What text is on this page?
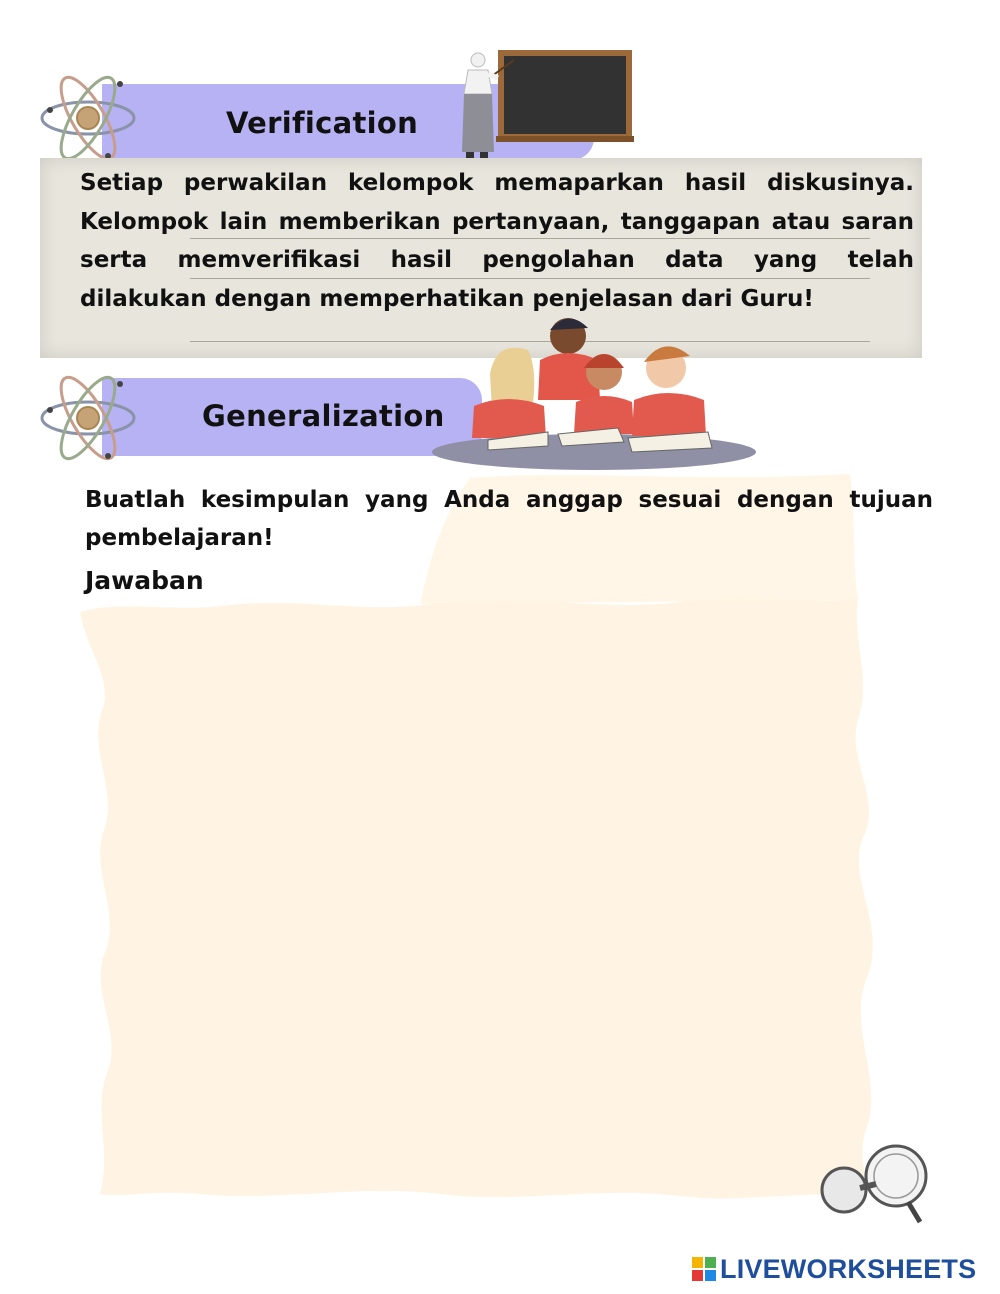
Verification
Setiap perwakilan kelompok memaparkan hasil diskusinya. Kelompok lain memberikan pertanyaan, tanggapan atau saran serta memverifikasi hasil pengolahan data yang telah dilakukan dengan memperhatikan penjelasan dari Guru!
Generalization
Buatlah kesimpulan yang Anda anggap sesuai dengan tujuan pembelajaran!
Jawaban
LIVEWORKSHEETS
